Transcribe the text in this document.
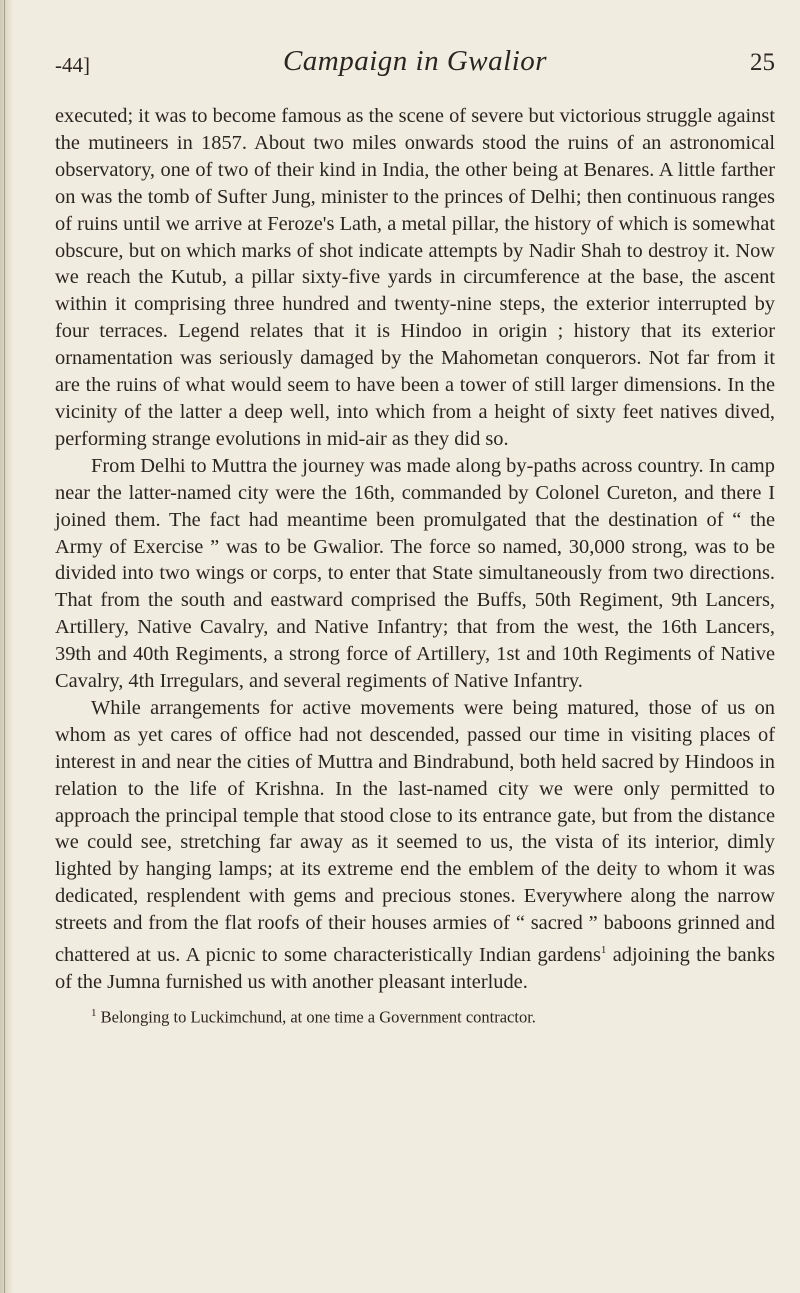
-44]	Campaign in Gwalior	25

executed; it was to become famous as the scene of severe but victorious struggle against the mutineers in 1857. About two miles onwards stood the ruins of an astronomical observatory, one of two of their kind in India, the other being at Benares. A little farther on was the tomb of Sufter Jung, minister to the princes of Delhi; then continuous ranges of ruins until we arrive at Feroze's Lath, a metal pillar, the history of which is somewhat obscure, but on which marks of shot indicate attempts by Nadir Shah to destroy it. Now we reach the Kutub, a pillar sixty-five yards in circumference at the base, the ascent within it comprising three hundred and twenty-nine steps, the exterior interrupted by four terraces. Legend relates that it is Hindoo in origin ; history that its exterior ornamentation was seriously damaged by the Mahometan conquerors. Not far from it are the ruins of what would seem to have been a tower of still larger dimensions. In the vicinity of the latter a deep well, into which from a height of sixty feet natives dived, performing strange evolutions in mid-air as they did so.

From Delhi to Muttra the journey was made along by-paths across country. In camp near the latter-named city were the 16th, commanded by Colonel Cureton, and there I joined them. The fact had meantime been promulgated that the destination of “ the Army of Exercise ” was to be Gwalior. The force so named, 30,000 strong, was to be divided into two wings or corps, to enter that State simultaneously from two directions. That from the south and eastward comprised the Buffs, 50th Regiment, 9th Lancers, Artillery, Native Cavalry, and Native Infantry; that from the west, the 16th Lancers, 39th and 40th Regiments, a strong force of Artillery, 1st and 10th Regiments of Native Cavalry, 4th Irregulars, and several regiments of Native Infantry.

While arrangements for active movements were being matured, those of us on whom as yet cares of office had not descended, passed our time in visiting places of interest in and near the cities of Muttra and Bindrabund, both held sacred by Hindoos in relation to the life of Krishna. In the last-named city we were only permitted to approach the principal temple that stood close to its entrance gate, but from the distance we could see, stretching far away as it seemed to us, the vista of its interior, dimly lighted by hanging lamps; at its extreme end the emblem of the deity to whom it was dedicated, resplendent with gems and precious stones. Everywhere along the narrow streets and from the flat roofs of their houses armies of “ sacred ” baboons grinned and chattered at us. A picnic to some characteristically Indian gardens$^1$ adjoining the banks of the Jumna furnished us with another pleasant interlude.

$^1$ Belonging to Luckimchund, at one time a Government contractor.
